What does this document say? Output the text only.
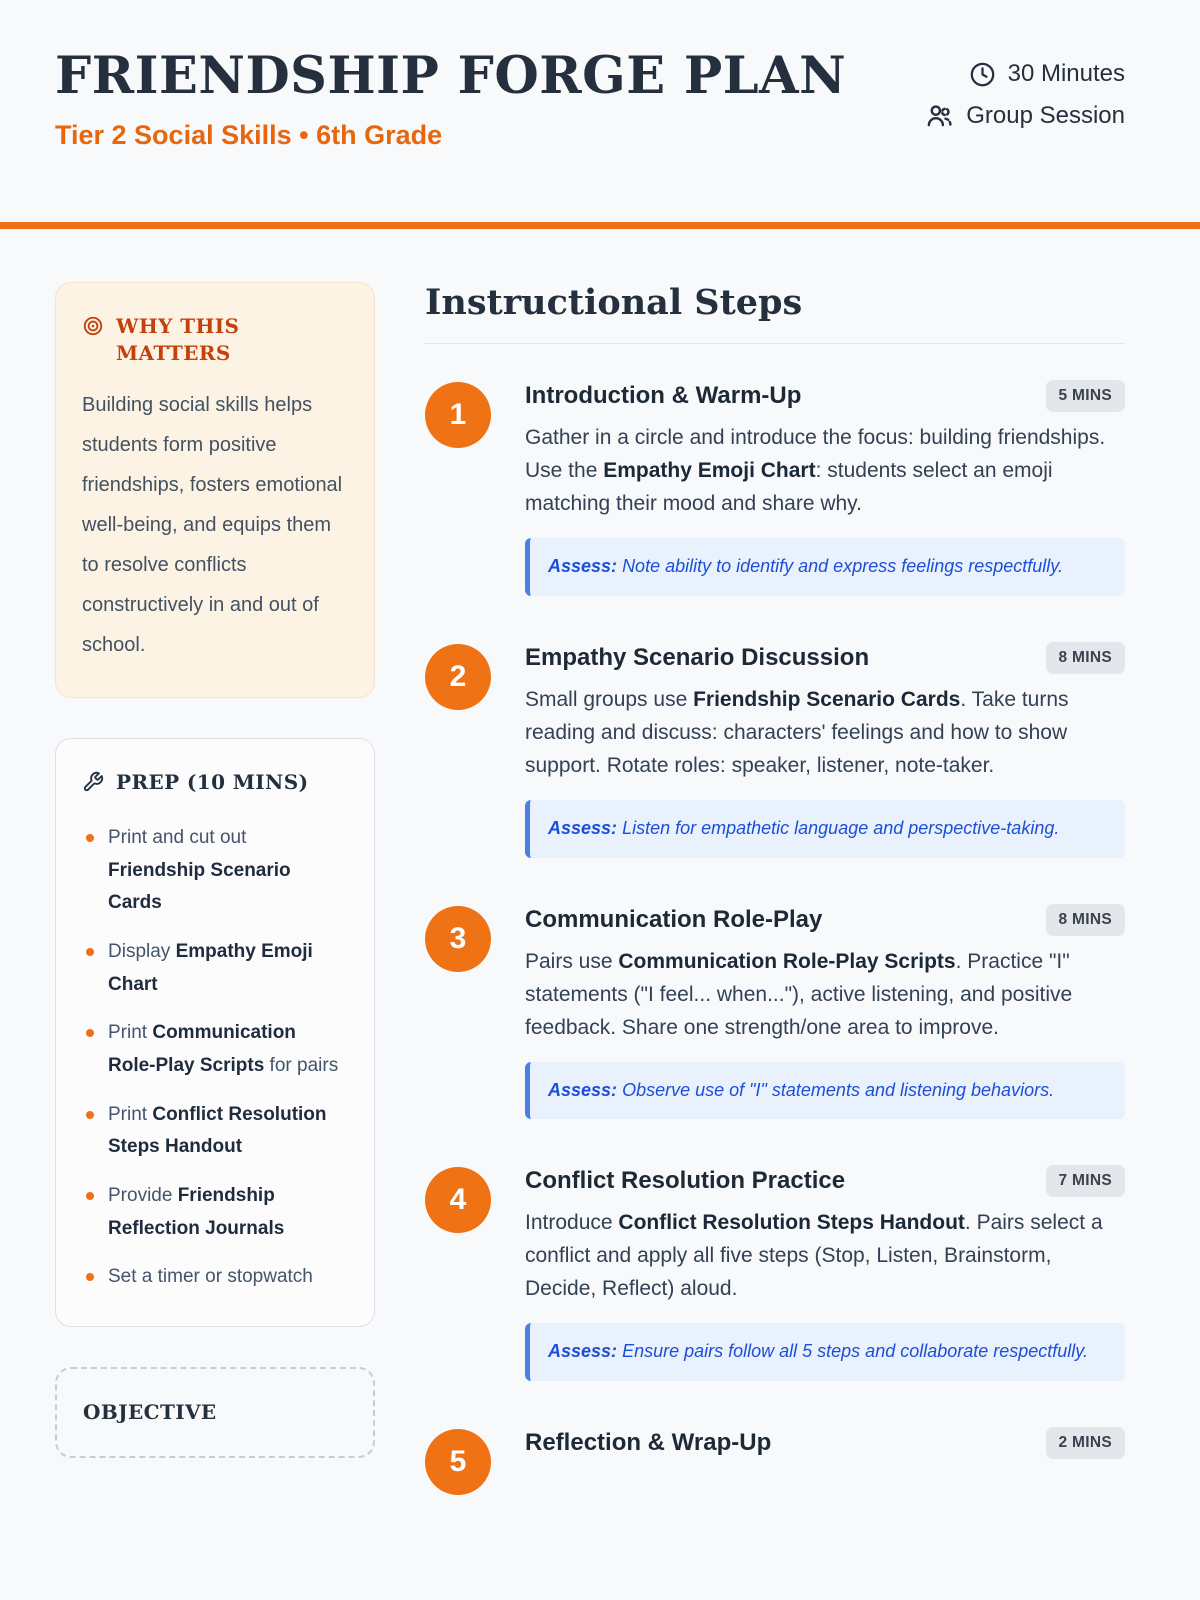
FRIENDSHIP FORGE PLAN
Tier 2 Social Skills • 6th Grade
30 Minutes
Group Session
WHY THIS MATTERS

Building social skills helps students form positive friendships, fosters emotional well-being, and equips them to resolve conflicts constructively in and out of school.

PREP (10 MINS)
Print and cut out Friendship Scenario Cards
Display Empathy Emoji Chart
Print Communication Role-Play Scripts for pairs
Print Conflict Resolution Steps Handout
Provide Friendship Reflection Journals
Set a timer or stopwatch
OBJECTIVE
Instructional Steps
1
Introduction & Warm-Up	5 MINS

Gather in a circle and introduce the focus: building friendships. Use the Empathy Emoji Chart: students select an emoji matching their mood and share why.

Assess: Note ability to identify and express feelings respectfully.
2
Empathy Scenario Discussion	8 MINS

Small groups use Friendship Scenario Cards. Take turns reading and discuss: characters' feelings and how to show support. Rotate roles: speaker, listener, note-taker.

Assess: Listen for empathetic language and perspective-taking.
3
Communication Role-Play	8 MINS

Pairs use Communication Role-Play Scripts. Practice "I" statements ("I feel... when..."), active listening, and positive feedback. Share one strength/one area to improve.

Assess: Observe use of "I" statements and listening behaviors.
4
Conflict Resolution Practice	7 MINS

Introduce Conflict Resolution Steps Handout. Pairs select a conflict and apply all five steps (Stop, Listen, Brainstorm, Decide, Reflect) aloud.

Assess: Ensure pairs follow all 5 steps and collaborate respectfully.
5
Reflection & Wrap-Up	2 MINS
